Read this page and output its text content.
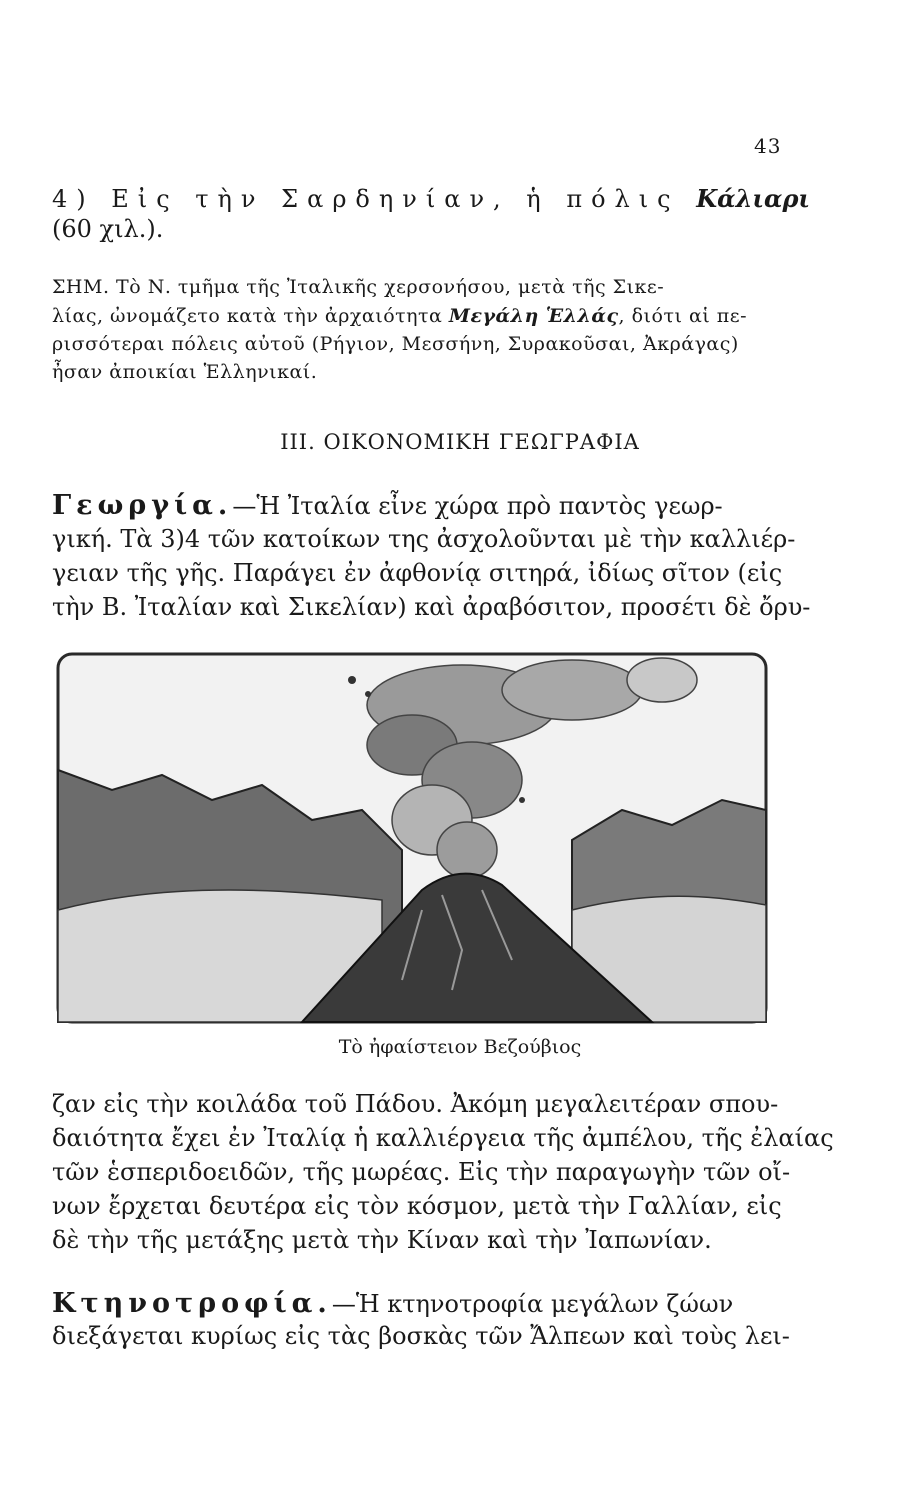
43
4) Εἰς τὴν Σαρδηνίαν, ἡ πόλις Κάλιαρι
(60 χιλ.).
ΣΗΜ. Τὸ Ν. τμῆμα τῆς Ἰταλικῆς χερσονήσου, μετὰ τῆς Σικε-
λίας, ὠνομάζετο κατὰ τὴν ἀρχαιότητα Μεγάλη Ἑλλάς, διότι αἱ πε-
ρισσότεραι πόλεις αὐτοῦ (Ρήγιον, Μεσσήνη, Συρακοῦσαι, Ἀκράγας)
ἦσαν ἀποικίαι Ἑλληνικαί.
III. ΟΙΚΟΝΟΜΙΚΗ ΓΕΩΓΡΑΦΙΑ
Γεωργία.—Ἡ Ἰταλία εἶνε χώρα πρὸ παντὸς γεωρ-
γική. Τὰ 3)4 τῶν κατοίκων της ἀσχολοῦνται μὲ τὴν καλλιέρ-
γειαν τῆς γῆς. Παράγει ἐν ἀφθονίᾳ σιτηρά, ἰδίως σῖτον (εἰς
τὴν Β. Ἰταλίαν καὶ Σικελίαν) καὶ ἀραβόσιτον, προσέτι δὲ ὄρυ-
Τὸ ἠφαίστειον Βεζούβιος
ζαν εἰς τὴν κοιλάδα τοῦ Πάδου. Ἀκόμη μεγαλειτέραν σπου-
δαιότητα ἔχει ἐν Ἰταλίᾳ ἡ καλλιέργεια τῆς ἀμπέλου, τῆς ἐλαίας
τῶν ἑσπεριδοειδῶν, τῆς μωρέας. Εἰς τὴν παραγωγὴν τῶν οἴ-
νων ἔρχεται δευτέρα εἰς τὸν κόσμον, μετὰ τὴν Γαλλίαν, εἰς
δὲ τὴν τῆς μετάξης μετὰ τὴν Κίναν καὶ τὴν Ἰαπωνίαν.
Κτηνοτροφία.—Ἡ κτηνοτροφία μεγάλων ζώων
διεξάγεται κυρίως εἰς τὰς βοσκὰς τῶν Ἄλπεων καὶ τοὺς λει-
